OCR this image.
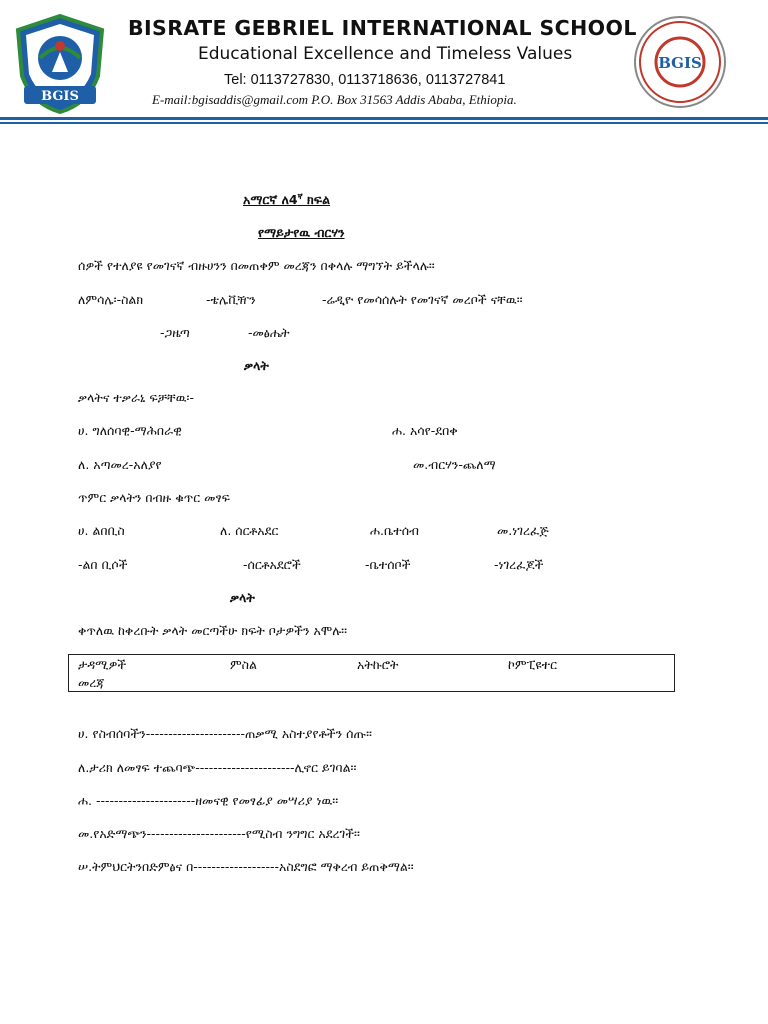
BGIS
BISRATE GEBRIEL INTERNATIONAL SCHOOL
Educational Excellence and Timeless Values
Tel: 0113727830, 0113718636, 0113727841
E-mail:bgisaddis@gmail.com P.O. Box 31563 Addis Ababa, Ethiopia.
BGIS
አማርኛ $ለ4^ኛ$ ክፍል
የማይታየዉ ብርሃን
ሰዎች የተለያዩ የመገናኛ ብዙሀንን በመጠቀም መረጃን በቀላሉ ማግኘት ይችላሉ፡፡
ለምሳሌ፡-ስልክ	-ቴሌቪዥን	-ሬዲዮ የመሳሰሉት የመገናኛ መረቦች ናቸዉ፡፡
-ጋዜጣ	-መፅሔት
ቃላት
ቃላትና ተቃራኒ ፍቻቸዉ፡-
ሀ. ግለሰባዊ-ማሕበራዊ	ሐ. አሳየ-ደበቀ
ለ. አጣመረ-አለያየ	መ.ብርሃን-ጨለማ
ጥምር ቃላትን በብዙ ቁጥር መፃፍ
ሀ. ልበቢስ	ለ. ሰርቶአደር	ሐ.ቤተሰብ	መ.ነገረፈጅ
-ልበ ቢሶች	-ሰርቶአደሮች	-ቤተሰቦች	-ነገረፈጆች
ቃላት
ቀጥለዉ ከቀረቡት ቃላት መርጣችሁ ክፍት ቦታዎችን አሞሉ፡፡
ታዳሚዎች	ምስል	አትኩሮት	ኮምፒዩተር
መረጃ
ሀ. የስብሰባችን----------------------ጠቃሚ አስተያየቶችን ሰጡ፡፡
ለ.ታሪክ ለመፃፍ ተጨባጭ----------------------ሊኖር ይገባል፡፡
ሐ. ----------------------ዘመናዊ የመፃፊያ መሣሪያ ነዉ፡፡
መ.የአድማጭን----------------------የሚስብ ንግግር አደረገች፡፡
ሠ.ትምህርትንበድምፅና በ-------------------አስደግፎ ማቅረብ ይጠቅማል፡፡
